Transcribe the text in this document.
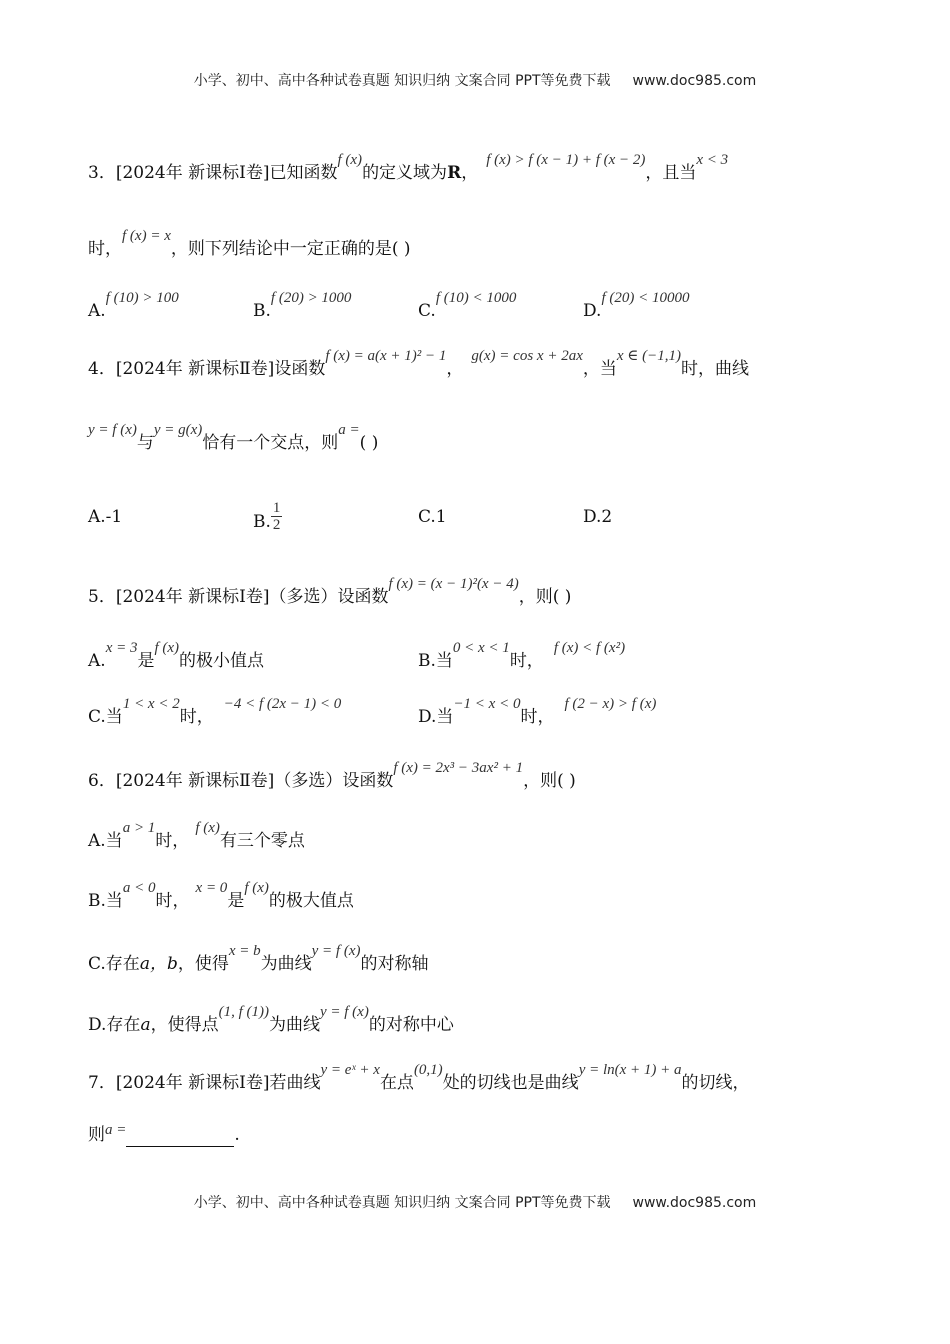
小学、初中、高中各种试卷真题 知识归纳 文案合同 PPT等免费下载 www.doc985.com
3．[2024年 新课标Ⅰ卷]已知函数f (x)的定义域为R，f (x) > f (x − 1) + f (x − 2)，且当x < 3
时，f (x) = x，则下列结论中一定正确的是( )
A.f (10) > 100
B.f (20) > 1000
C.f (10) < 1000
D.f (20) < 10000
4．[2024年 新课标Ⅱ卷]设函数f (x) = a(x + 1)² − 1，g(x) = cos x + 2ax，当x ∈ (−1,1)时，曲线
y = f (x)与y = g(x)恰有一个交点，则a =( )
A.-1	B. $\frac{1}{2}$	C.1	D.2
5．[2024年 新课标Ⅰ卷]（多选）设函数f (x) = (x − 1)²(x − 4)，则( )
A.x = 3是f (x)的极小值点	B.当0 < x < 1时，f (x) < f (x²)
C.当1 < x < 2时，−4 < f (2x − 1) < 0
D.当−1 < x < 0时，f (2 − x) > f (x)
6．[2024年 新课标Ⅱ卷]（多选）设函数f (x) = 2x³ − 3ax² + 1，则( )
A.当a > 1时，f (x)有三个零点
B.当a < 0时，x = 0是f (x)的极大值点
C.存在a，b，使得x = b为曲线y = f (x)的对称轴
D.存在a，使得点(1, f (1))为曲线y = f (x)的对称中心
7．[2024年 新课标Ⅰ卷]若曲线y = eˣ + x在点(0,1)处的切线也是曲线y = ln(x + 1) + a的切线，
则a =	.
小学、初中、高中各种试卷真题 知识归纳 文案合同 PPT等免费下载 www.doc985.com
